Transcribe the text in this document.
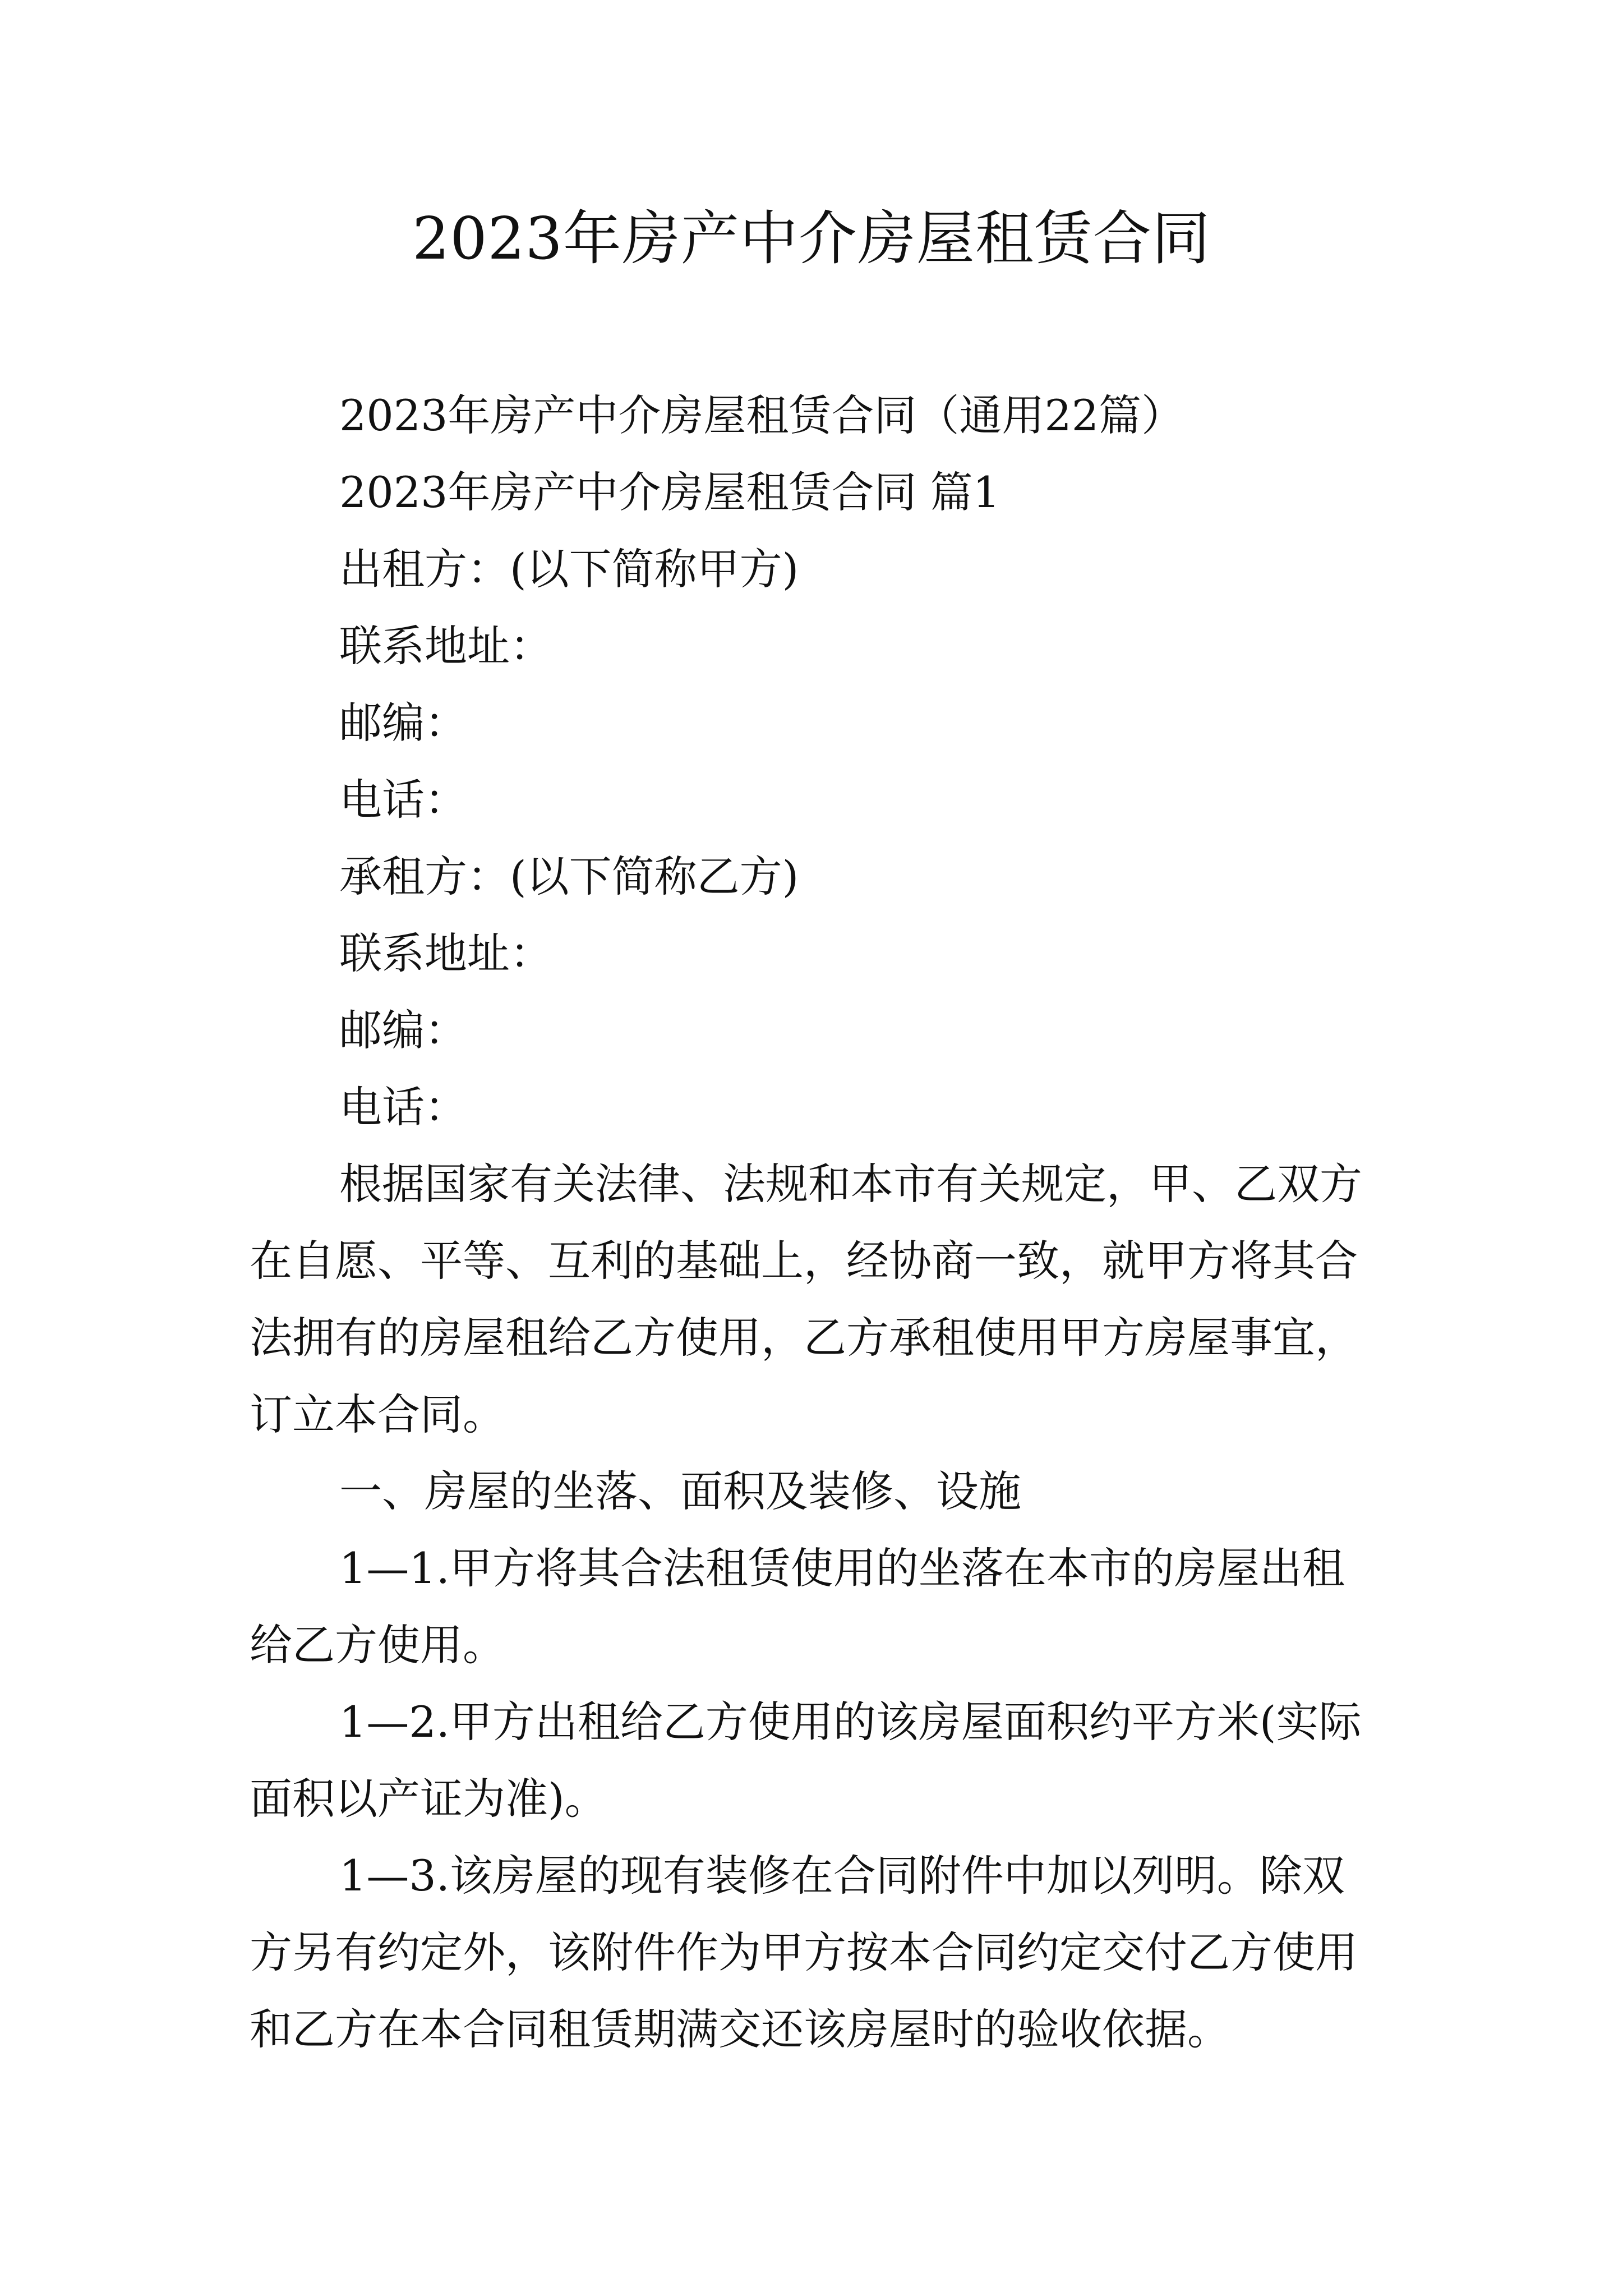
2023年房产中介房屋租赁合同

2023年房产中介房屋租赁合同（通用22篇）

2023年房产中介房屋租赁合同 篇1

出租方：(以下简称甲方)

联系地址：

邮编：

电话：

承租方：(以下简称乙方)

联系地址：

邮编：

电话：

根据国家有关法律、法规和本市有关规定，甲、乙双方

在自愿、平等、互利的基础上，经协商一致，就甲方将其合

法拥有的房屋租给乙方使用，乙方承租使用甲方房屋事宜，

订立本合同。

一、房屋的坐落、面积及装修、设施

1—1.甲方将其合法租赁使用的坐落在本市的房屋出租

给乙方使用。

1—2.甲方出租给乙方使用的该房屋面积约平方米(实际

面积以产证为准)。

1—3.该房屋的现有装修在合同附件中加以列明。除双

方另有约定外，该附件作为甲方按本合同约定交付乙方使用

和乙方在本合同租赁期满交还该房屋时的验收依据。
